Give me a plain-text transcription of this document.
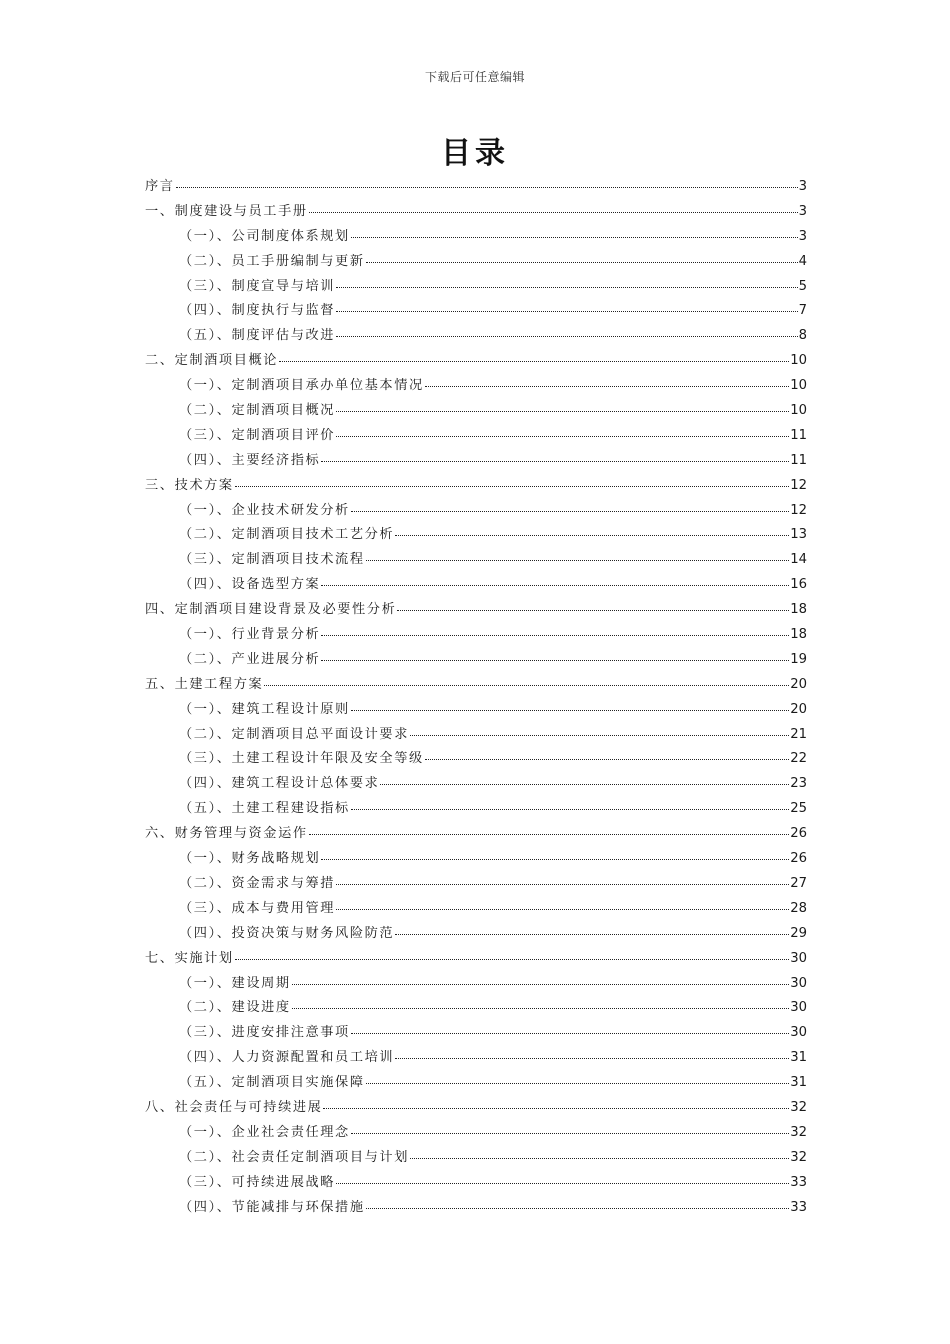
下载后可任意编辑
目录
序言	3
一、制度建设与员工手册	3
（一）、公司制度体系规划	3
（二）、员工手册编制与更新	4
（三）、制度宣导与培训	5
（四）、制度执行与监督	7
（五）、制度评估与改进	8
二、定制酒项目概论	10
（一）、定制酒项目承办单位基本情况	10
（二）、定制酒项目概况	10
（三）、定制酒项目评价	11
（四）、主要经济指标	11
三、技术方案	12
（一）、企业技术研发分析	12
（二）、定制酒项目技术工艺分析	13
（三）、定制酒项目技术流程	14
（四）、设备选型方案	16
四、定制酒项目建设背景及必要性分析	18
（一）、行业背景分析	18
（二）、产业进展分析	19
五、土建工程方案	20
（一）、建筑工程设计原则	20
（二）、定制酒项目总平面设计要求	21
（三）、土建工程设计年限及安全等级	22
（四）、建筑工程设计总体要求	23
（五）、土建工程建设指标	25
六、财务管理与资金运作	26
（一）、财务战略规划	26
（二）、资金需求与筹措	27
（三）、成本与费用管理	28
（四）、投资决策与财务风险防范	29
七、实施计划	30
（一）、建设周期	30
（二）、建设进度	30
（三）、进度安排注意事项	30
（四）、人力资源配置和员工培训	31
（五）、定制酒项目实施保障	31
八、社会责任与可持续进展	32
（一）、企业社会责任理念	32
（二）、社会责任定制酒项目与计划	32
（三）、可持续进展战略	33
（四）、节能减排与环保措施	33
